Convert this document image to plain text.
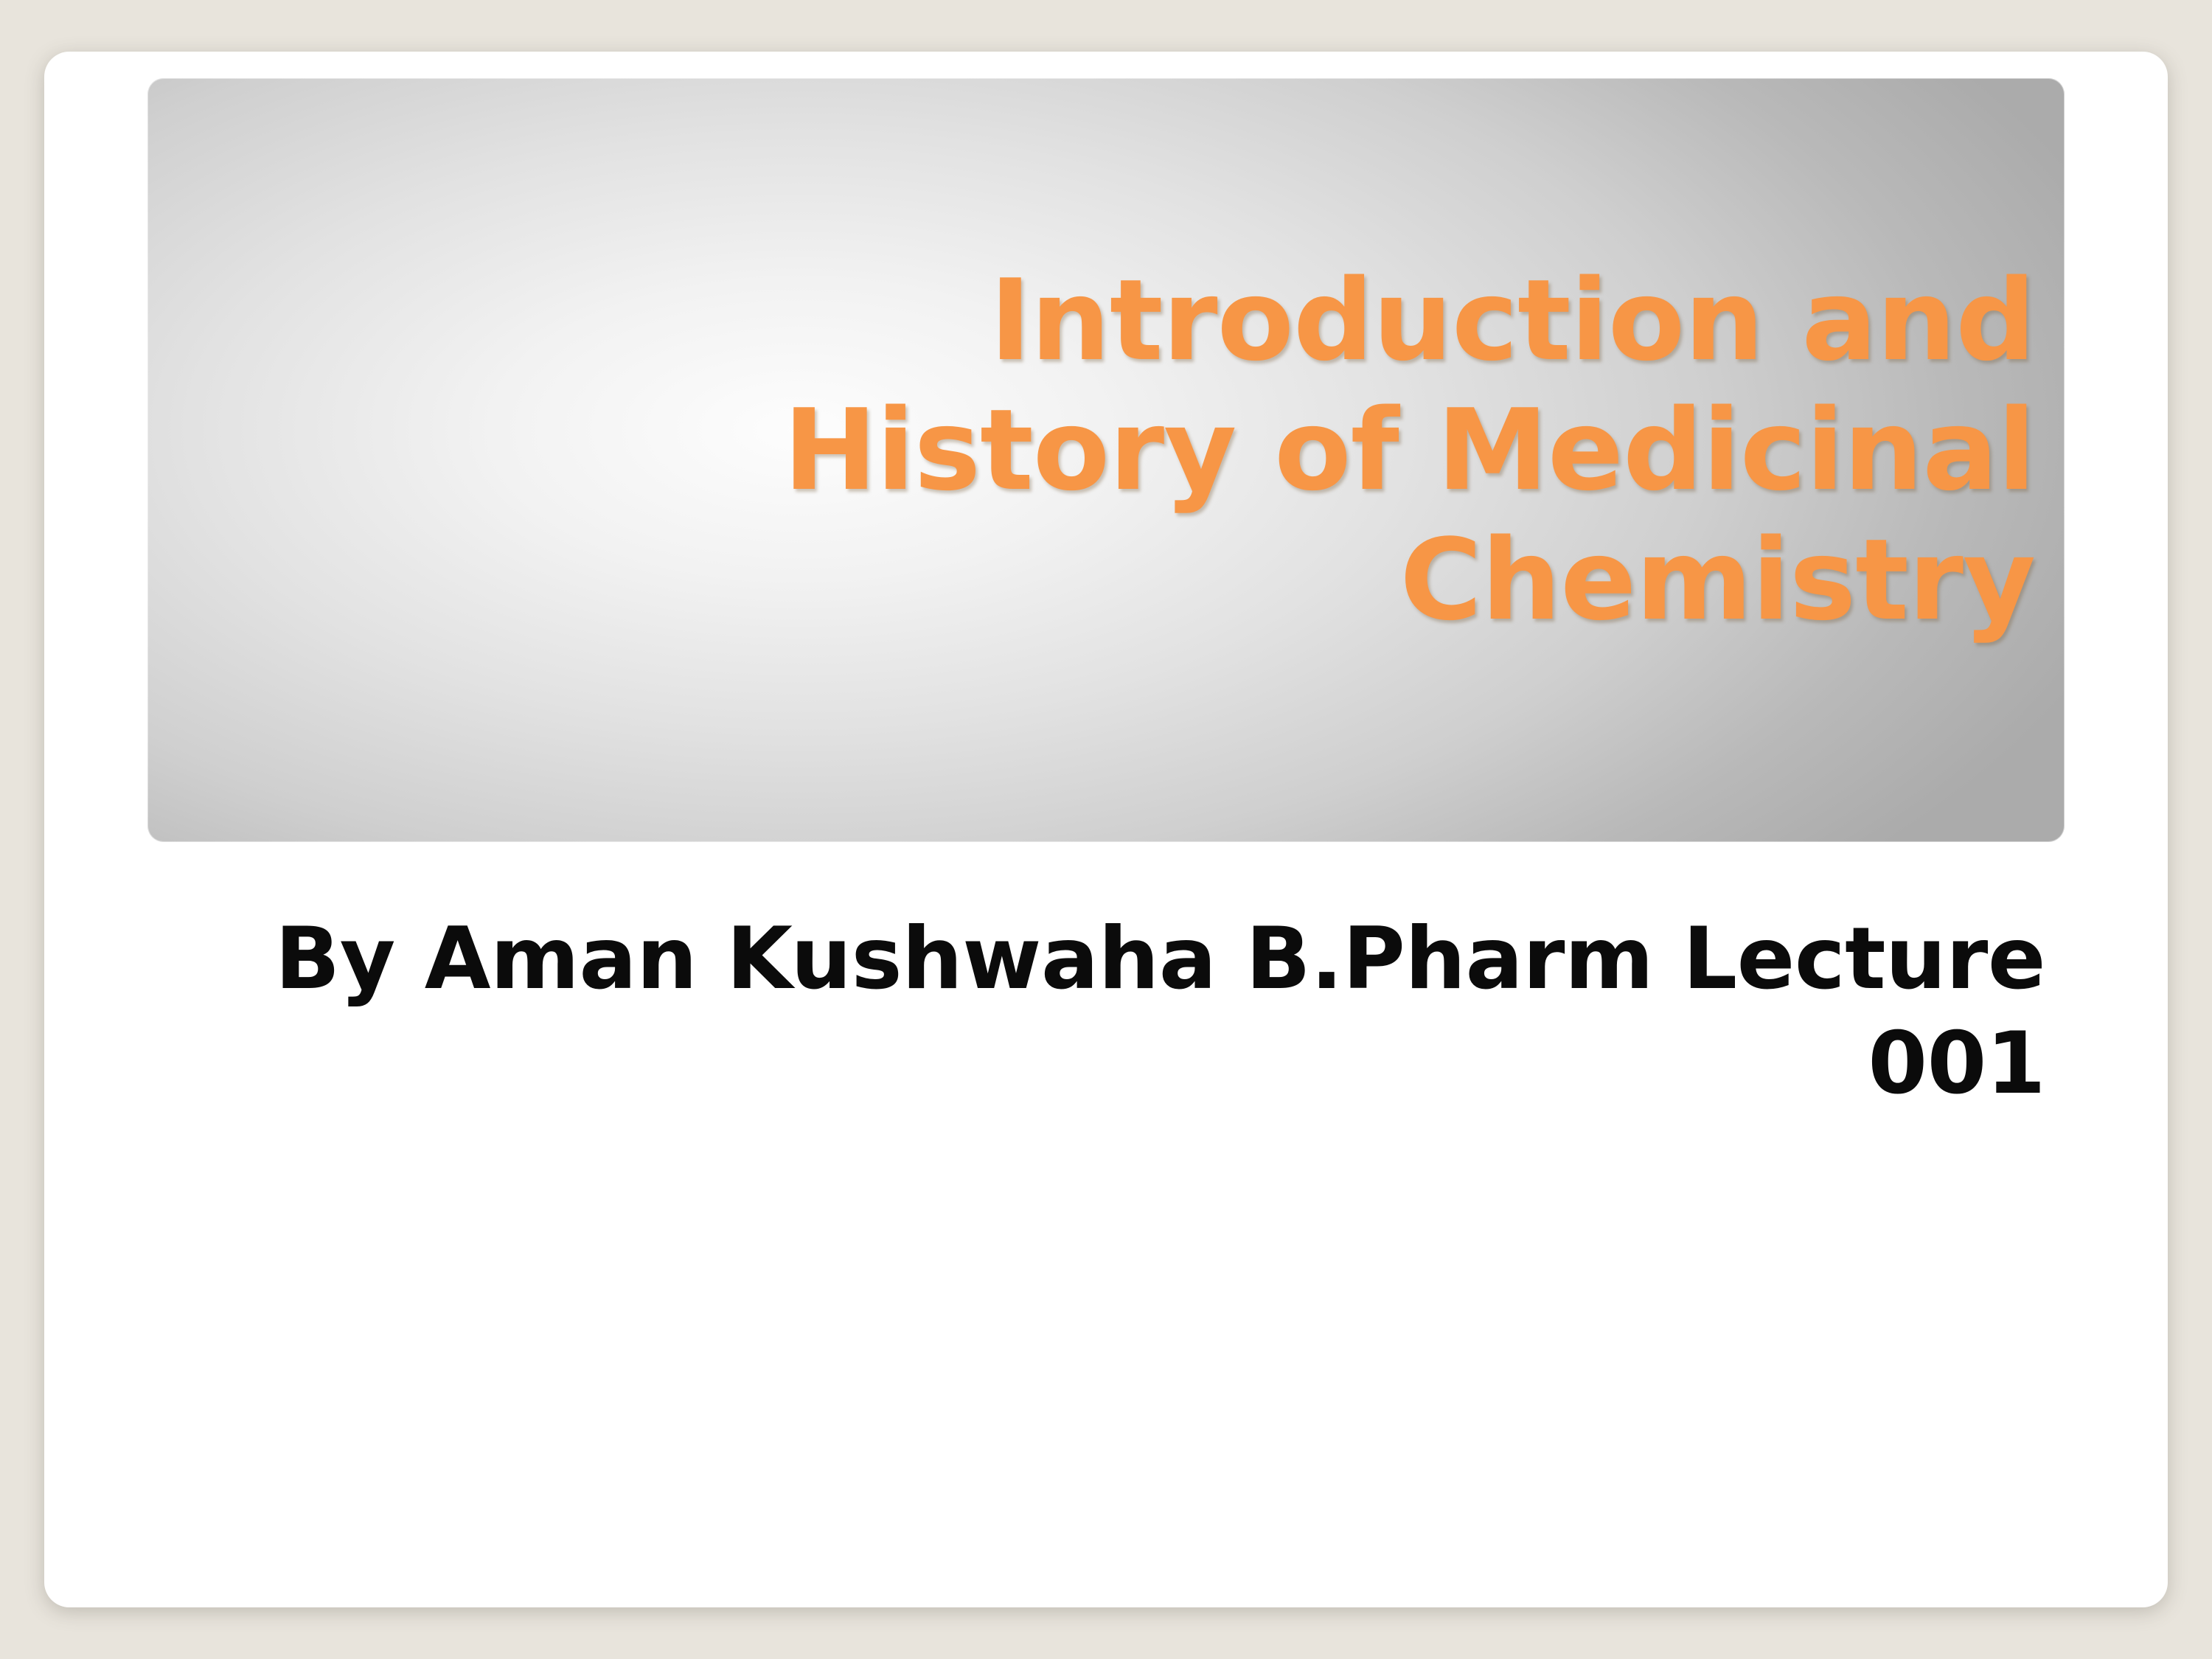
Introduction and History of Medicinal Chemistry
By Aman Kushwaha B.Pharm Lecture 001
